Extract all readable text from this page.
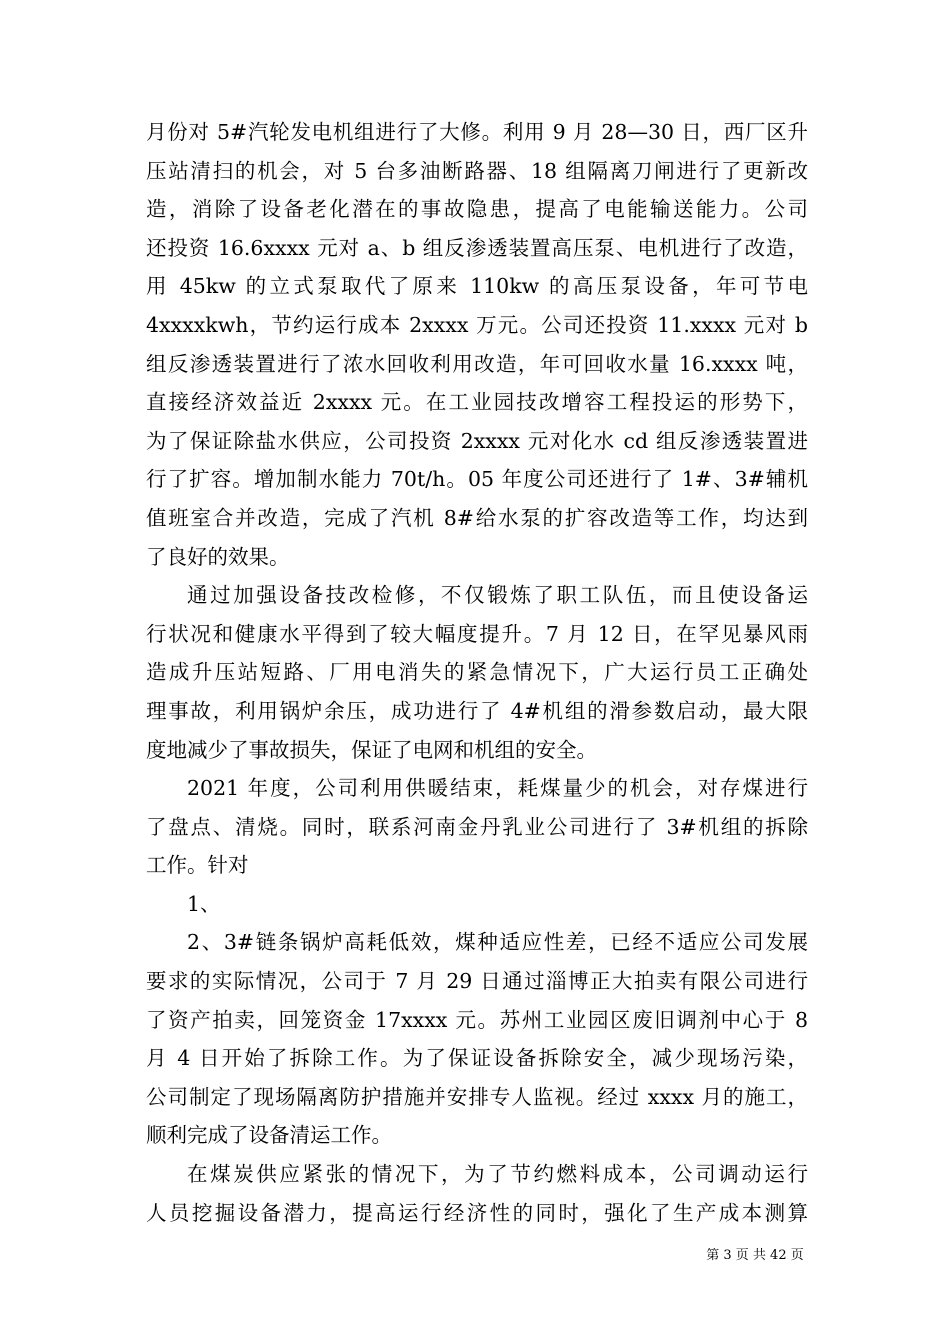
月份对 5#汽轮发电机组进行了大修。利用 9 月 28—30 日，西厂区升
压站清扫的机会，对 5 台多油断路器、18 组隔离刀闸进行了更新改
造，消除了设备老化潜在的事故隐患，提高了电能输送能力。公司
还投资 16.6xxxx 元对 a、b 组反渗透装置高压泵、电机进行了改造，
用 45kw 的立式泵取代了原来 110kw 的高压泵设备，年可节电
4xxxxkwh，节约运行成本 2xxxx 万元。公司还投资 11.xxxx 元对 b
组反渗透装置进行了浓水回收利用改造，年可回收水量 16.xxxx 吨，
直接经济效益近 2xxxx 元。在工业园技改增容工程投运的形势下，
为了保证除盐水供应，公司投资 2xxxx 元对化水 cd 组反渗透装置进
行了扩容。增加制水能力 70t/h。05 年度公司还进行了 1#、3#辅机
值班室合并改造，完成了汽机 8#给水泵的扩容改造等工作，均达到
了良好的效果。
通过加强设备技改检修，不仅锻炼了职工队伍，而且使设备运
行状况和健康水平得到了较大幅度提升。7 月 12 日，在罕见暴风雨
造成升压站短路、厂用电消失的紧急情况下，广大运行员工正确处
理事故，利用锅炉余压，成功进行了 4#机组的滑参数启动，最大限
度地减少了事故损失，保证了电网和机组的安全。
2021 年度，公司利用供暖结束，耗煤量少的机会，对存煤进行
了盘点、清烧。同时，联系河南金丹乳业公司进行了 3#机组的拆除
工作。针对
1、
2、3#链条锅炉高耗低效，煤种适应性差，已经不适应公司发展
要求的实际情况，公司于 7 月 29 日通过淄博正大拍卖有限公司进行
了资产拍卖，回笼资金 17xxxx 元。苏州工业园区废旧调剂中心于 8
月 4 日开始了拆除工作。为了保证设备拆除安全，减少现场污染，
公司制定了现场隔离防护措施并安排专人监视。经过 xxxx 月的施工，
顺利完成了设备清运工作。
在煤炭供应紧张的情况下，为了节约燃料成本，公司调动运行
人员挖掘设备潜力，提高运行经济性的同时，强化了生产成本测算
第 3 页 共 42 页
